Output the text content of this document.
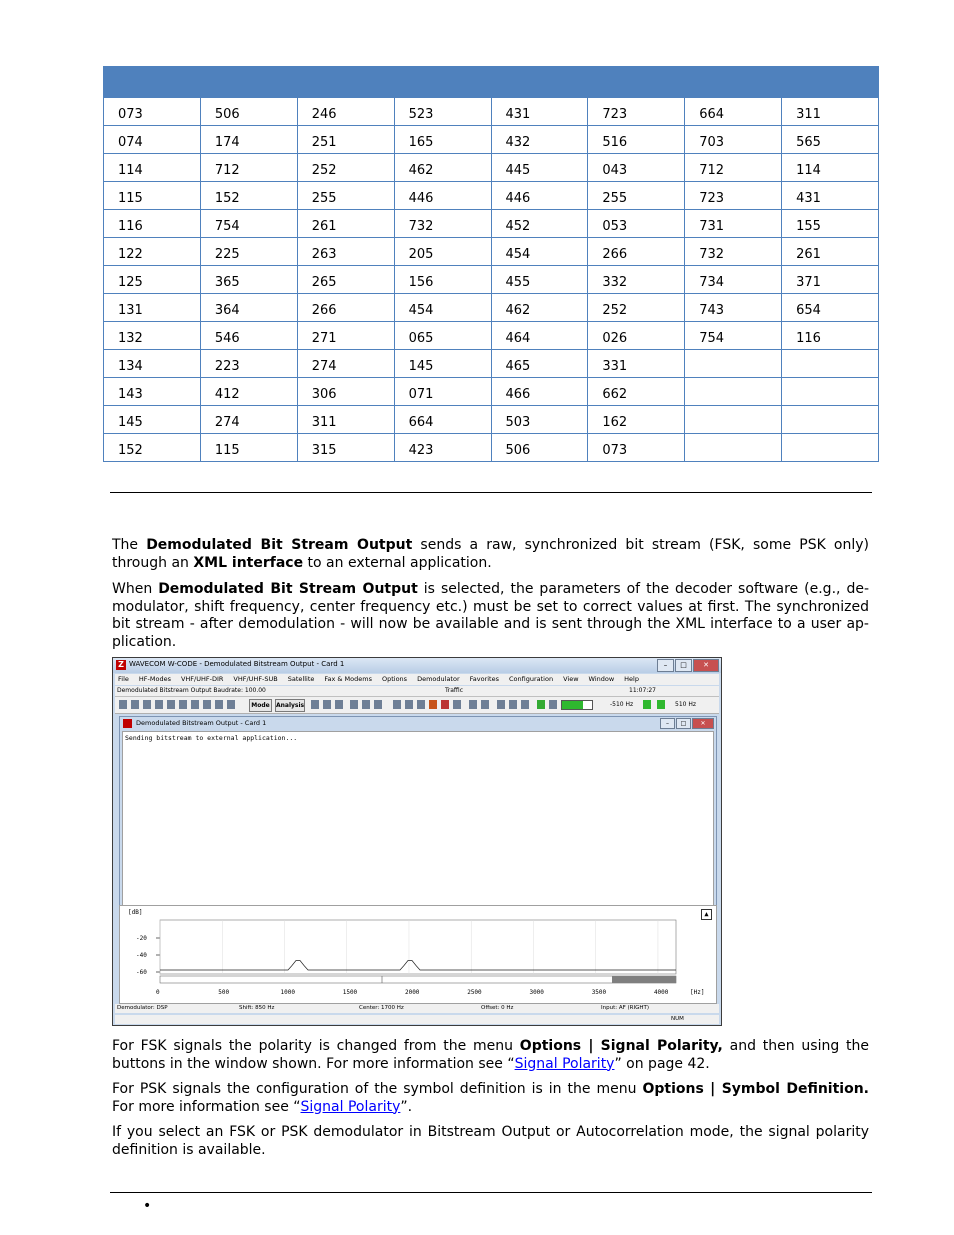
073	506	246	523	431	723	664	311
074	174	251	165	432	516	703	565
114	712	252	462	445	043	712	114
115	152	255	446	446	255	723	431
116	754	261	732	452	053	731	155
122	225	263	205	454	266	732	261
125	365	265	156	455	332	734	371
131	364	266	454	462	252	743	654
132	546	271	065	464	026	754	116
134	223	274	145	465	331		
143	412	306	071	466	662		
145	274	311	664	503	162		
152	115	315	423	506	073		

The Demodulated Bit Stream Output sends a raw, synchronized bit stream (FSK, some PSK only) through an XML interface to an external application.

When Demodulated Bit Stream Output is selected, the parameters of the decoder software (e.g., de-modulator, shift frequency, center frequency etc.) must be set to correct values at first. The synchronized bit stream - after demodulation - will now be available and is sent through the XML interface to a user ap-plication.

Z WAVECOM W-CODE - Demodulated Bitstream Output - Card 1	–	□	✕
File HF-Modes VHF/UHF-DIR VHF/UHF-SUB Satellite Fax & Modems Options Demodulator Favorites Configuration View Window Help
Demodulated Bitstream Output Baudrate: 100.00	Traffic	11:07:27
Mode	Analysis	-510 Hz	510 Hz
Demodulated Bitstream Output - Card 1	–	□	✕
Sending bitstream to external application...
[dB]
-20
-40
-60
0	500	1000	1500	2000	2500	3000	3500	4000	[Hz]
▲
Demodulator: DSP	Shift: 850 Hz	Center: 1700 Hz	Offset: 0 Hz	Input: AF (RIGHT)
NUM

For FSK signals the polarity is changed from the menu Options | Signal Polarity, and then using the buttons in the window shown. For more information see “Signal Polarity” on page 42.

For PSK signals the configuration of the symbol definition is in the menu Options | Symbol Definition. For more information see “Signal Polarity”.

If you select an FSK or PSK demodulator in Bitstream Output or Autocorrelation mode, the signal polarity definition is available.

•
